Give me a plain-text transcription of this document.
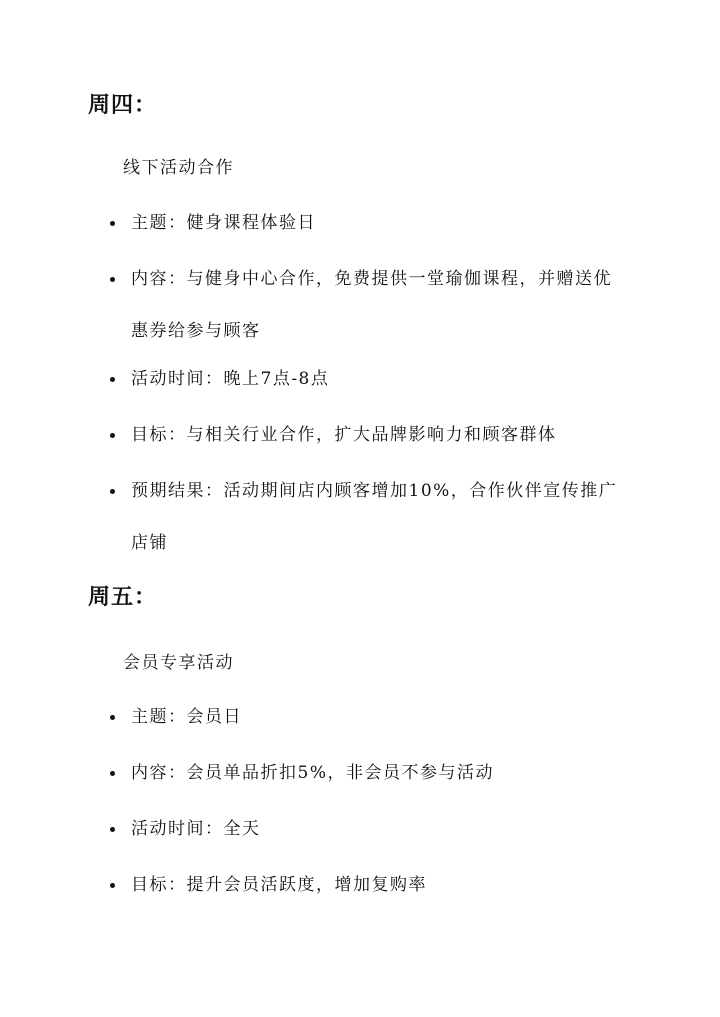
周四：

线下活动合作

主题：健身课程体验日
内容：与健身中心合作，免费提供一堂瑜伽课程，并赠送优惠券给参与顾客
活动时间：晚上7点-8点
目标：与相关行业合作，扩大品牌影响力和顾客群体
预期结果：活动期间店内顾客增加10%，合作伙伴宣传推广店铺
周五：

会员专享活动

主题：会员日
内容：会员单品折扣5%，非会员不参与活动
活动时间：全天
目标：提升会员活跃度，增加复购率
